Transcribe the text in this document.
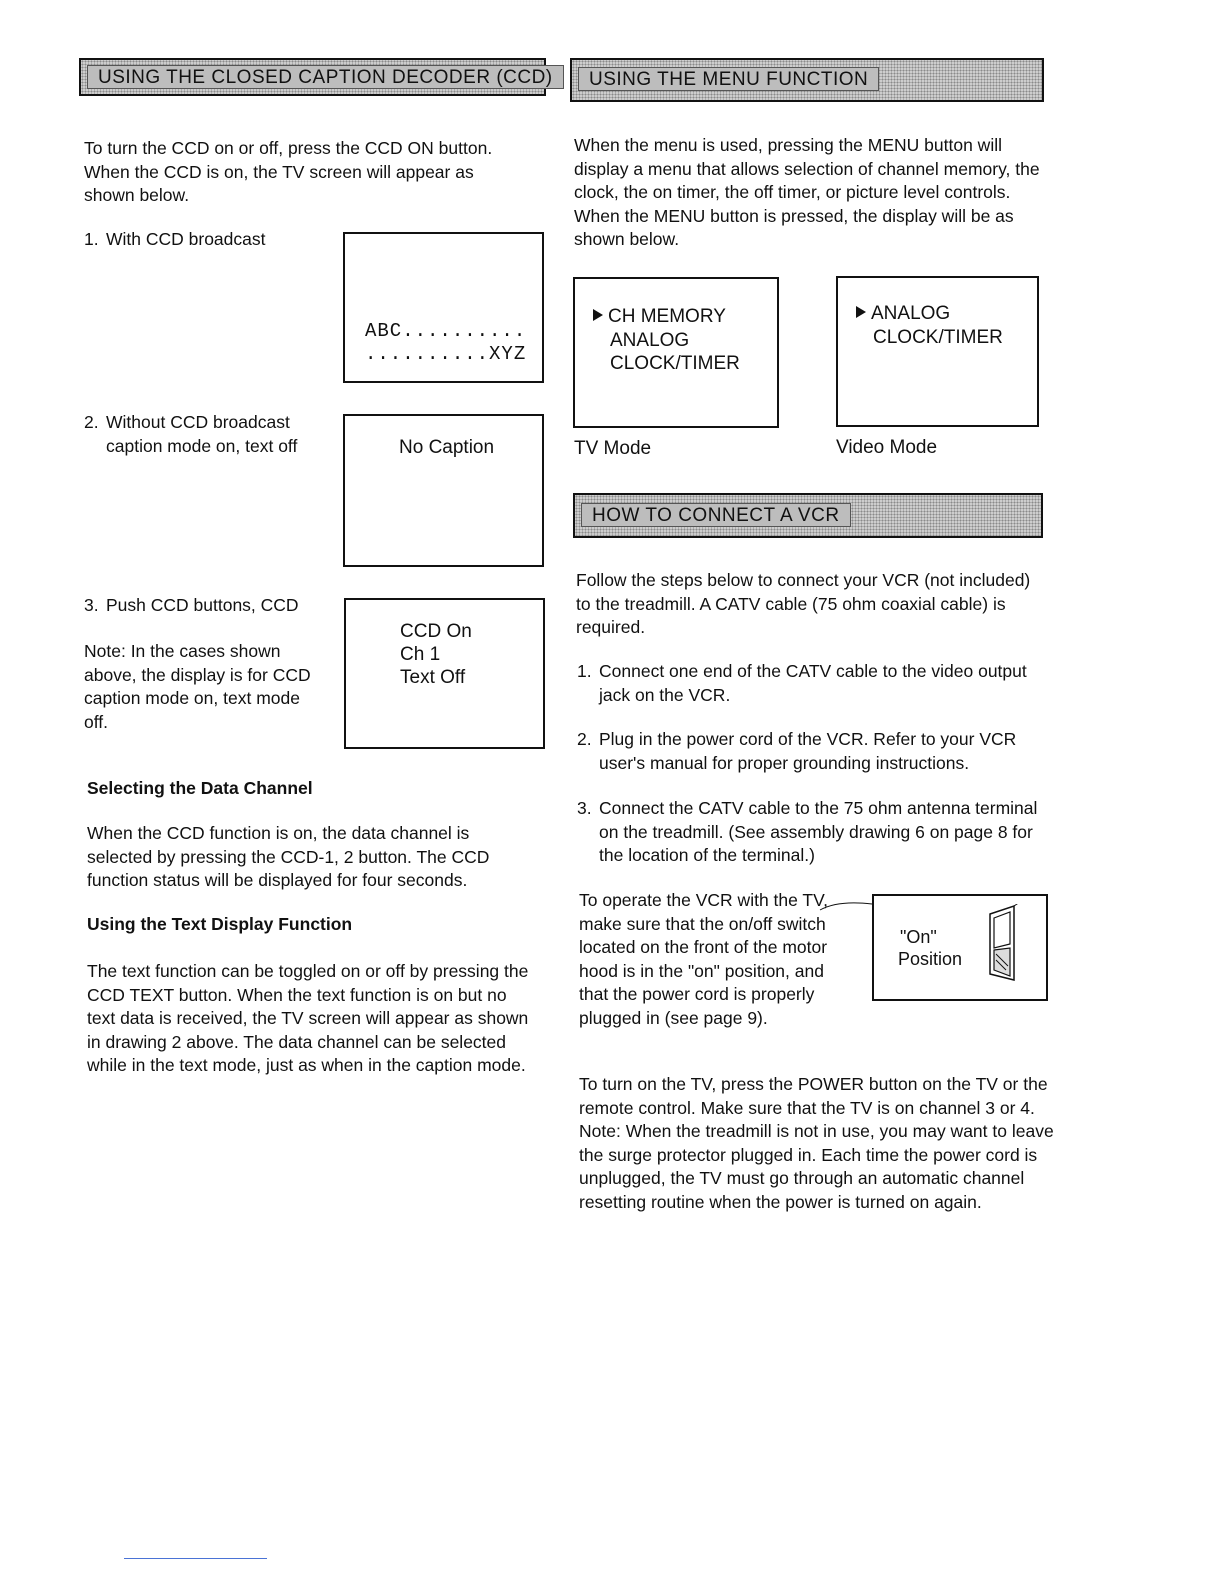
USING THE CLOSED CAPTION DECODER (CCD)
To turn the CCD on or off, press the CCD ON button. When the CCD is on, the TV screen will appear as shown below.
1. With CCD broadcast
2. Without CCD broadcast caption mode on, text off
3. Push CCD buttons, CCD
Note: In the cases shown above, the display is for CCD caption mode on, text mode off.
ABC..........
..........XYZ
No Caption
CCD On
Ch 1
Text Off
Selecting the Data Channel
When the CCD function is on, the data channel is selected by pressing the CCD-1, 2 button. The CCD function status will be displayed for four seconds.
Using the Text Display Function
The text function can be toggled on or off by pressing the CCD TEXT button. When the text function is on but no text data is received, the TV screen will appear as shown in drawing 2 above. The data channel can be selected while in the text mode, just as when in the caption mode.
USING THE MENU FUNCTION
When the menu is used, pressing the MENU button will display a menu that allows selection of channel memory, the clock, the on timer, the off timer, or picture level controls. When the MENU button is pressed, the display will be as shown below.
CH MEMORY
ANALOG
CLOCK/TIMER
TV Mode
ANALOG
CLOCK/TIMER
Video Mode
HOW TO CONNECT A VCR
Follow the steps below to connect your VCR (not included) to the treadmill. A CATV cable (75 ohm coaxial cable) is required.
1. Connect one end of the CATV cable to the video output jack on the VCR.
2. Plug in the power cord of the VCR. Refer to your VCR user's manual for proper grounding instructions.
3. Connect the CATV cable to the 75 ohm antenna terminal on the treadmill. (See assembly drawing 6 on page 8 for the location of the terminal.)
To operate the VCR with the TV, make sure that the on/off switch located on the front of the motor hood is in the "on" position, and that the power cord is properly plugged in (see page 9).
"On"
Position
To turn on the TV, press the POWER button on the TV or the remote control. Make sure that the TV is on channel 3 or 4. Note: When the treadmill is not in use, you may want to leave the surge protector plugged in. Each time the power cord is unplugged, the TV must go through an automatic channel resetting routine when the power is turned on again.
